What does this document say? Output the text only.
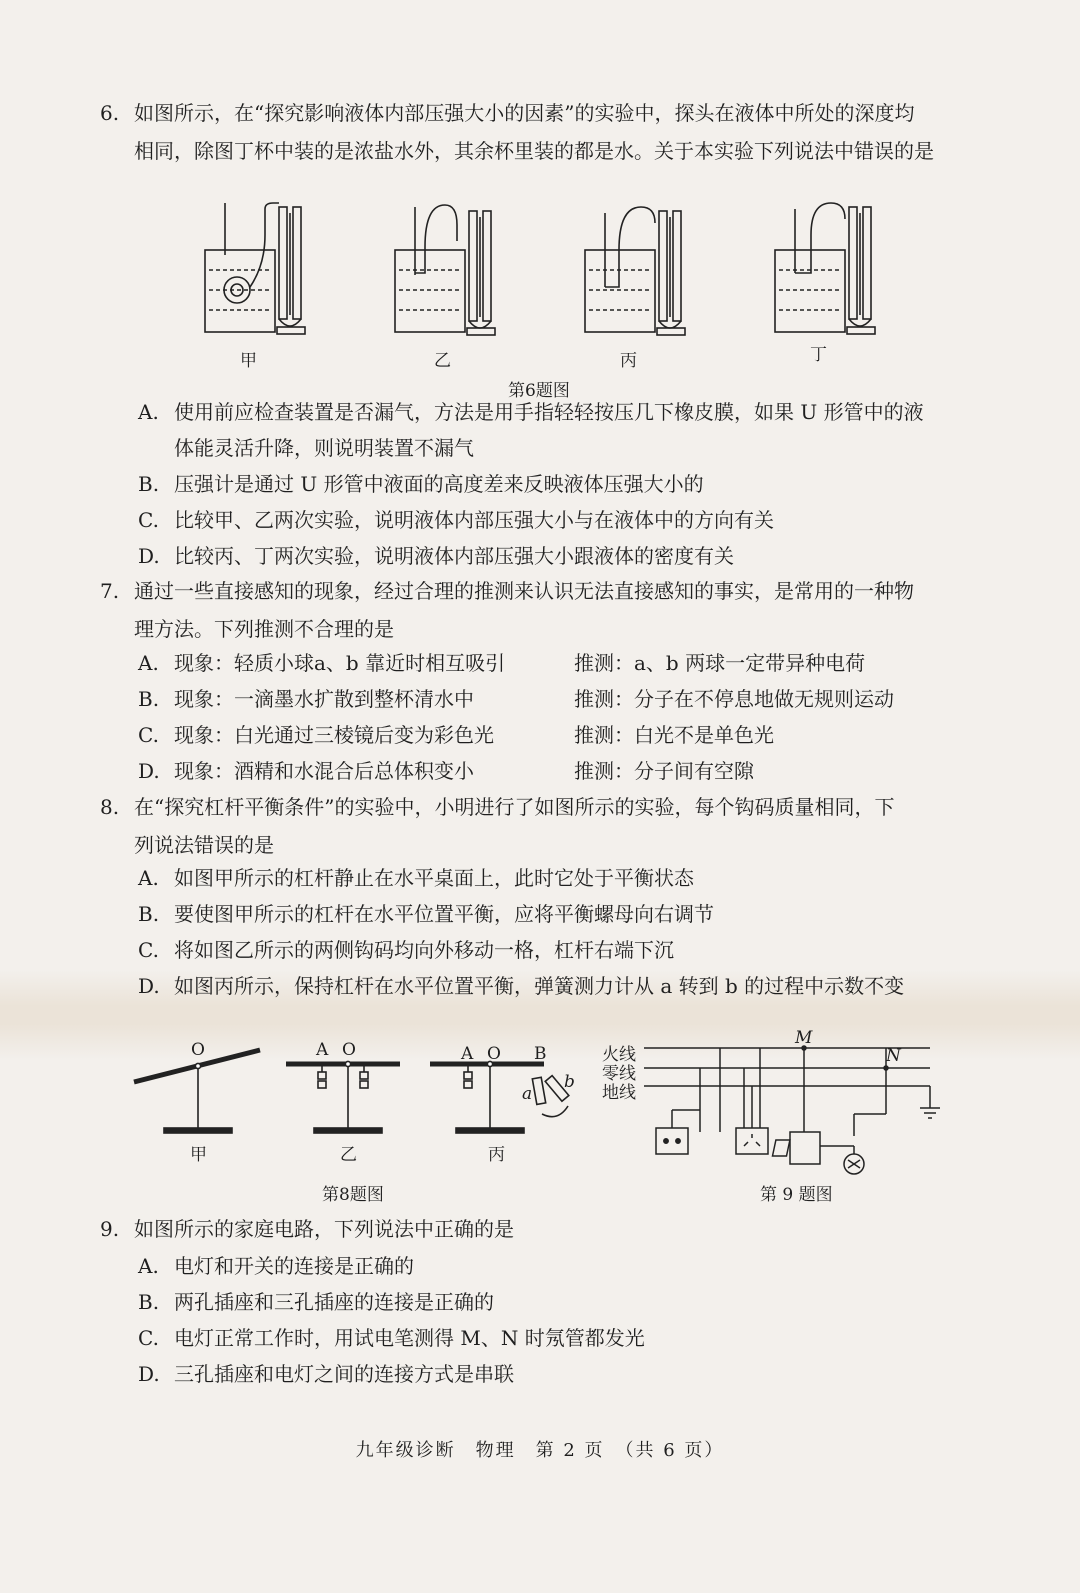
6. 如图所示，在“探究影响液体内部压强大小的因素”的实验中，探头在液体中所处的深度均
相同，除图丁杯中装的是浓盐水外，其余杯里装的都是水。关于本实验下列说法中错误的是
甲	乙	丙	丁
第6题图
A. 使用前应检查装置是否漏气，方法是用手指轻轻按压几下橡皮膜，如果 U 形管中的液
体能灵活升降，则说明装置不漏气
B. 压强计是通过 U 形管中液面的高度差来反映液体压强大小的
C. 比较甲、乙两次实验，说明液体内部压强大小与在液体中的方向有关
D. 比较丙、丁两次实验，说明液体内部压强大小跟液体的密度有关
7. 通过一些直接感知的现象，经过合理的推测来认识无法直接感知的事实，是常用的一种物
理方法。下列推测不合理的是
A. 现象：轻质小球a、b 靠近时相互吸引	推测：a、b 两球一定带异种电荷
B. 现象：一滴墨水扩散到整杯清水中	推测：分子在不停息地做无规则运动
C. 现象：白光通过三棱镜后变为彩色光	推测：白光不是单色光
D. 现象：酒精和水混合后总体积变小	推测：分子间有空隙
8. 在“探究杠杆平衡条件”的实验中，小明进行了如图所示的实验，每个钩码质量相同，下
列说法错误的是
A. 如图甲所示的杠杆静止在水平桌面上，此时它处于平衡状态
B. 要使图甲所示的杠杆在水平位置平衡，应将平衡螺母向右调节
C. 将如图乙所示的两侧钩码均向外移动一格，杠杆右端下沉
D. 如图丙所示，保持杠杆在水平位置平衡，弹簧测力计从 a 转到 b 的过程中示数不变
O	A O	A O B
a
b
甲	乙	丙
第8题图
火线
零线
地线
M
N
第 9 题图
9. 如图所示的家庭电路，下列说法中正确的是
A. 电灯和开关的连接是正确的
B. 两孔插座和三孔插座的连接是正确的
C. 电灯正常工作时，用试电笔测得 M、N 时氖管都发光
D. 三孔插座和电灯之间的连接方式是串联
九年级诊断　物理　第 2 页　（共 6 页）
